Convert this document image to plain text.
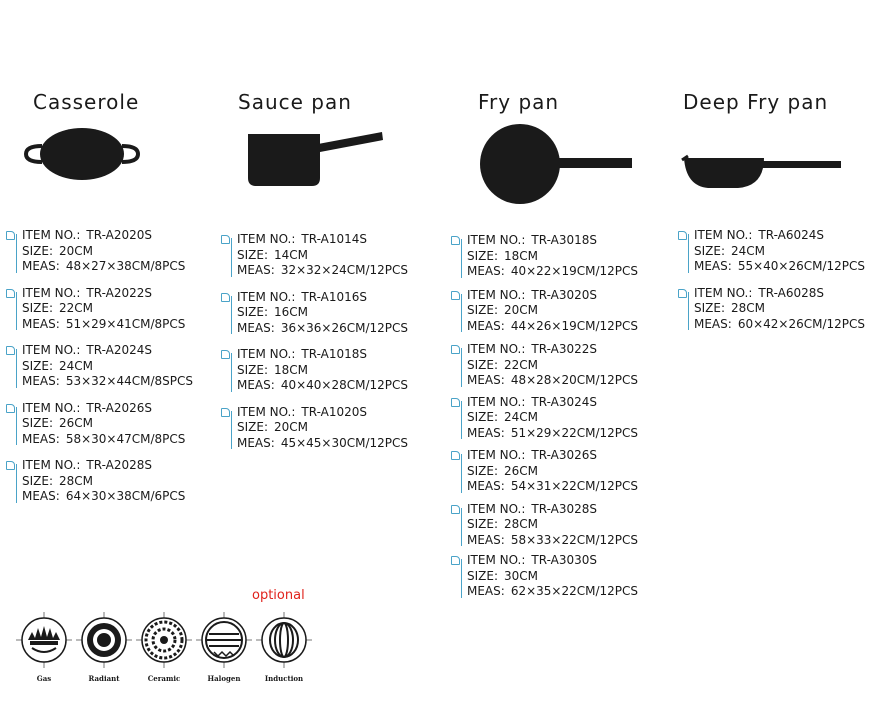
Casserole
ITEM NO.: TR-A2020S
SIZE: 20CM
MEAS: 48×27×38CM/8PCS
ITEM NO.: TR-A2022S
SIZE: 22CM
MEAS: 51×29×41CM/8PCS
ITEM NO.: TR-A2024S
SIZE: 24CM
MEAS: 53×32×44CM/8SPCS
ITEM NO.: TR-A2026S
SIZE: 26CM
MEAS: 58×30×47CM/8PCS
ITEM NO.: TR-A2028S
SIZE: 28CM
MEAS: 64×30×38CM/6PCS
Sauce pan
ITEM NO.: TR-A1014S
SIZE: 14CM
MEAS: 32×32×24CM/12PCS
ITEM NO.: TR-A1016S
SIZE: 16CM
MEAS: 36×36×26CM/12PCS
ITEM NO.: TR-A1018S
SIZE: 18CM
MEAS: 40×40×28CM/12PCS
ITEM NO.: TR-A1020S
SIZE: 20CM
MEAS: 45×45×30CM/12PCS
Fry pan
ITEM NO.: TR-A3018S
SIZE: 18CM
MEAS: 40×22×19CM/12PCS
ITEM NO.: TR-A3020S
SIZE: 20CM
MEAS: 44×26×19CM/12PCS
ITEM NO.: TR-A3022S
SIZE: 22CM
MEAS: 48×28×20CM/12PCS
ITEM NO.: TR-A3024S
SIZE: 24CM
MEAS: 51×29×22CM/12PCS
ITEM NO.: TR-A3026S
SIZE: 26CM
MEAS: 54×31×22CM/12PCS
ITEM NO.: TR-A3028S
SIZE: 28CM
MEAS: 58×33×22CM/12PCS
ITEM NO.: TR-A3030S
SIZE: 30CM
MEAS: 62×35×22CM/12PCS
Deep Fry pan
ITEM NO.: TR-A6024S
SIZE: 24CM
MEAS: 55×40×26CM/12PCS
ITEM NO.: TR-A6028S
SIZE: 28CM
MEAS: 60×42×26CM/12PCS
optional
Gas	Radiant	Ceramic	Halogen	Induction
